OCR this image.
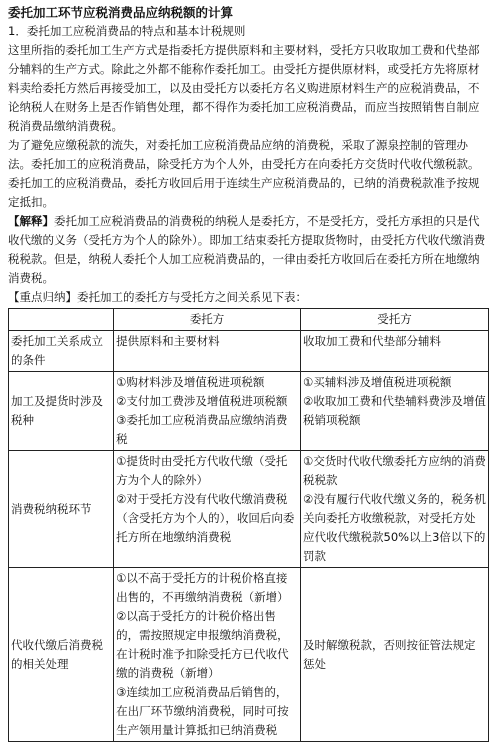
委托加工环节应税消费品应纳税额的计算

1．委托加工应税消费品的特点和基本计税规则

这里所指的委托加工生产方式是指委托方提供原料和主要材料，受托方只收取加工费和代垫部分辅料的生产方式。除此之外都不能称作委托加工。由受托方提供原材料，或受托方先将原材料卖给委托方然后再接受加工，以及由受托方以委托方名义购进原材料生产的应税消费品，不论纳税人在财务上是否作销售处理，都不得作为委托加工应税消费品，而应当按照销售自制应税消费品缴纳消费税。

为了避免应缴税款的流失，对委托加工应税消费品应纳的消费税，采取了源泉控制的管理办法。委托加工的应税消费品，除受托方为个人外，由受托方在向委托方交货时代收代缴税款。委托加工的应税消费品，委托方收回后用于连续生产应税消费品的，已纳的消费税款准予按规定抵扣。

【解释】委托加工应税消费品的消费税的纳税人是委托方，不是受托方，受托方承担的只是代收代缴的义务（受托方为个人的除外）。即加工结束委托方提取货物时，由受托方代收代缴消费税税款。但是，纳税人委托个人加工应税消费品的，一律由委托方收回后在委托方所在地缴纳消费税。

【重点归纳】委托加工的委托方与受托方之间关系见下表：

	委托方	受托方
委托加工关系成立的条件	提供原料和主要材料	收取加工费和代垫部分辅料

加工及提货时涉及税种	①购材料涉及增值税进项税额
②支付加工费涉及增值税进项税额
③委托加工应税消费品应缴纳消费税	①买辅料涉及增值税进项税额
②收取加工费和代垫辅料费涉及增值税销项税额

消费税纳税环节	①提货时由受托方代收代缴（受托方为个人的除外）
②对于受托方没有代收代缴消费税（含受托方为个人的），收回后向委托方所在地缴纳消费税	①交货时代收代缴委托方应纳的消费税税款
②没有履行代收代缴义务的，税务机关向委托方收缴税款，对受托方处应代收代缴税款50%以上3倍以下的罚款

代收代缴后消费税的相关处理	①以不高于受托方的计税价格直接出售的，不再缴纳消费税（新增）
②以高于受托方的计税价格出售的，需按照规定申报缴纳消费税，在计税时准予扣除受托方已代收代缴的消费税（新增）
③连续加工应税消费品后销售的，在出厂环节缴纳消费税，同时可按生产领用量计算抵扣已纳消费税	及时解缴税款，否则按征管法规定惩处
